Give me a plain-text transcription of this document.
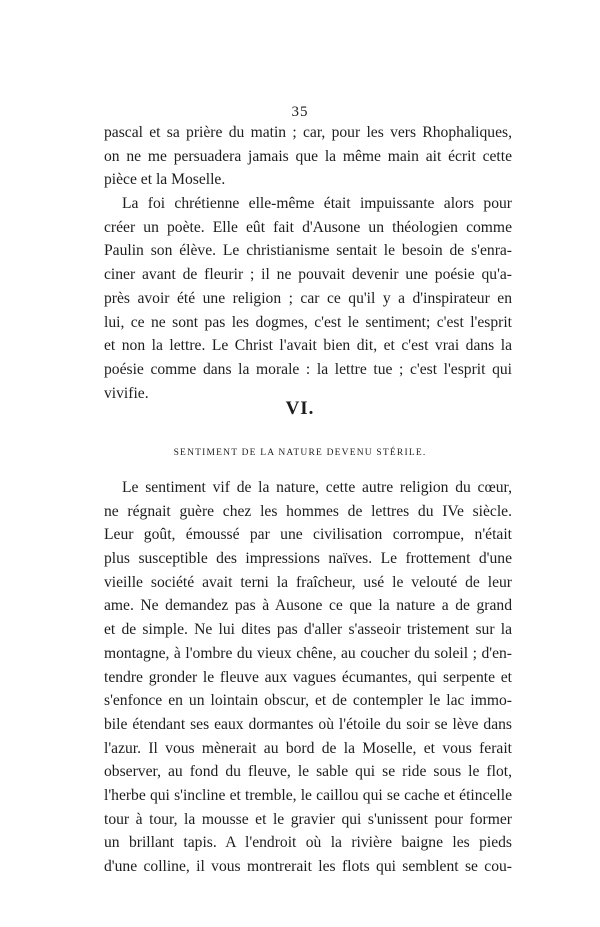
35
pascal et sa prière du matin ; car, pour les vers Rhophaliques,
on ne me persuadera jamais que la même main ait écrit cette
pièce et la Moselle.
La foi chrétienne elle-même était impuissante alors pour
créer un poète. Elle eût fait d'Ausone un théologien comme
Paulin son élève. Le christianisme sentait le besoin de s'enra-
ciner avant de fleurir ; il ne pouvait devenir une poésie qu'a-
près avoir été une religion ; car ce qu'il y a d'inspirateur en
lui, ce ne sont pas les dogmes, c'est le sentiment; c'est l'esprit
et non la lettre. Le Christ l'avait bien dit, et c'est vrai dans la
poésie comme dans la morale : la lettre tue ; c'est l'esprit qui
vivifie.
VI.
SENTIMENT DE LA NATURE DEVENU STÉRILE.
Le sentiment vif de la nature, cette autre religion du cœur,
ne régnait guère chez les hommes de lettres du IVe siècle.
Leur goût, émoussé par une civilisation corrompue, n'était
plus susceptible des impressions naïves. Le frottement d'une
vieille société avait terni la fraîcheur, usé le velouté de leur
ame. Ne demandez pas à Ausone ce que la nature a de grand
et de simple. Ne lui dites pas d'aller s'asseoir tristement sur la
montagne, à l'ombre du vieux chêne, au coucher du soleil ; d'en-
tendre gronder le fleuve aux vagues écumantes, qui serpente et
s'enfonce en un lointain obscur, et de contempler le lac immo-
bile étendant ses eaux dormantes où l'étoile du soir se lève dans
l'azur. Il vous mènerait au bord de la Moselle, et vous ferait
observer, au fond du fleuve, le sable qui se ride sous le flot,
l'herbe qui s'incline et tremble, le caillou qui se cache et étincelle
tour à tour, la mousse et le gravier qui s'unissent pour former
un brillant tapis. A l'endroit où la rivière baigne les pieds
d'une colline, il vous montrerait les flots qui semblent se cou-
